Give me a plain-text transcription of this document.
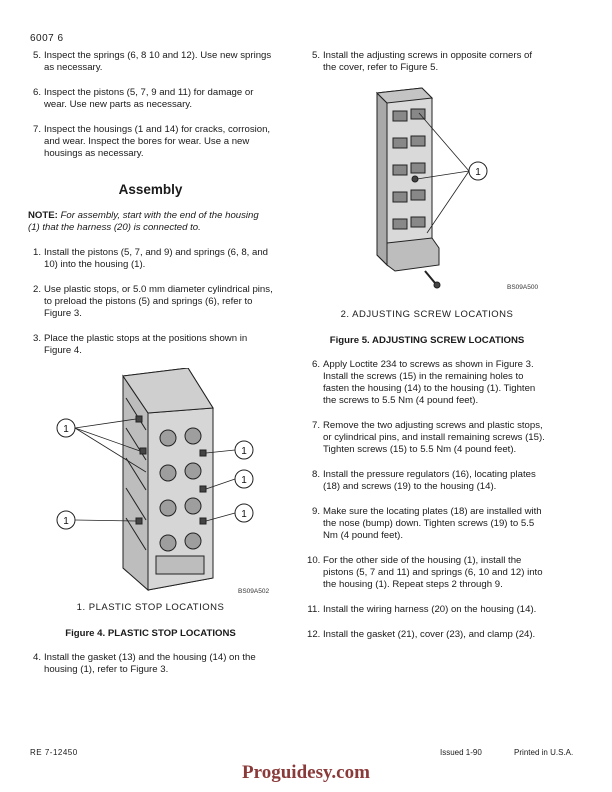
6007 6
5. Inspect the springs (6, 8 10 and 12). Use new springs as necessary.
6. Inspect the pistons (5, 7, 9 and 11) for damage or wear. Use new parts as necessary.
7. Inspect the housings (1 and 14) for cracks, corrosion, and wear. Inspect the bores for wear. Use a new housings as necessary.
Assembly
NOTE: For assembly, start with the end of the housing (1) that the harness (20) is connected to.
1. Install the pistons (5, 7, and 9) and springs (6, 8, and 10) into the housing (1).
2. Use plastic stops, or 5.0 mm diameter cylindrical pins, to preload the pistons (5) and springs (6), refer to Figure 3.
3. Place the plastic stops at the positions shown in Figure 4.
1
1
1
1
1
BS09A502
1. PLASTIC STOP LOCATIONS
Figure 4. PLASTIC STOP LOCATIONS
4. Install the gasket (13) and the housing (14) on the housing (1), refer to Figure 3.
5. Install the adjusting screws in opposite corners of the cover, refer to Figure 5.
1
BS09A500
2. ADJUSTING SCREW LOCATIONS
Figure 5. ADJUSTING SCREW LOCATIONS
6. Apply Loctite 234 to screws as shown in Figure 3. Install the screws (15) in the remaining holes to fasten the housing (14) to the housing (1). Tighten the screws to 5.5 Nm (4 pound feet).
7. Remove the two adjusting screws and plastic stops, or cylindrical pins, and install remaining screws (15). Tighten screws (15) to 5.5 Nm (4 pound feet).
8. Install the pressure regulators (16), locating plates (18) and screws (19) to the housing (14).
9. Make sure the locating plates (18) are installed with the nose (bump) down. Tighten screws (19) to 5.5 Nm (4 pound feet).
10. For the other side of the housing (1), install the pistons (5, 7 and 11) and springs (6, 10 and 12) into the housing (1). Repeat steps 2 through 9.
11. Install the wiring harness (20) on the housing (14).
12. Install the gasket (21), cover (23), and clamp (24).
RE 7-12450	Issued 1-90	Printed in U.S.A.
Proguidesy.com
